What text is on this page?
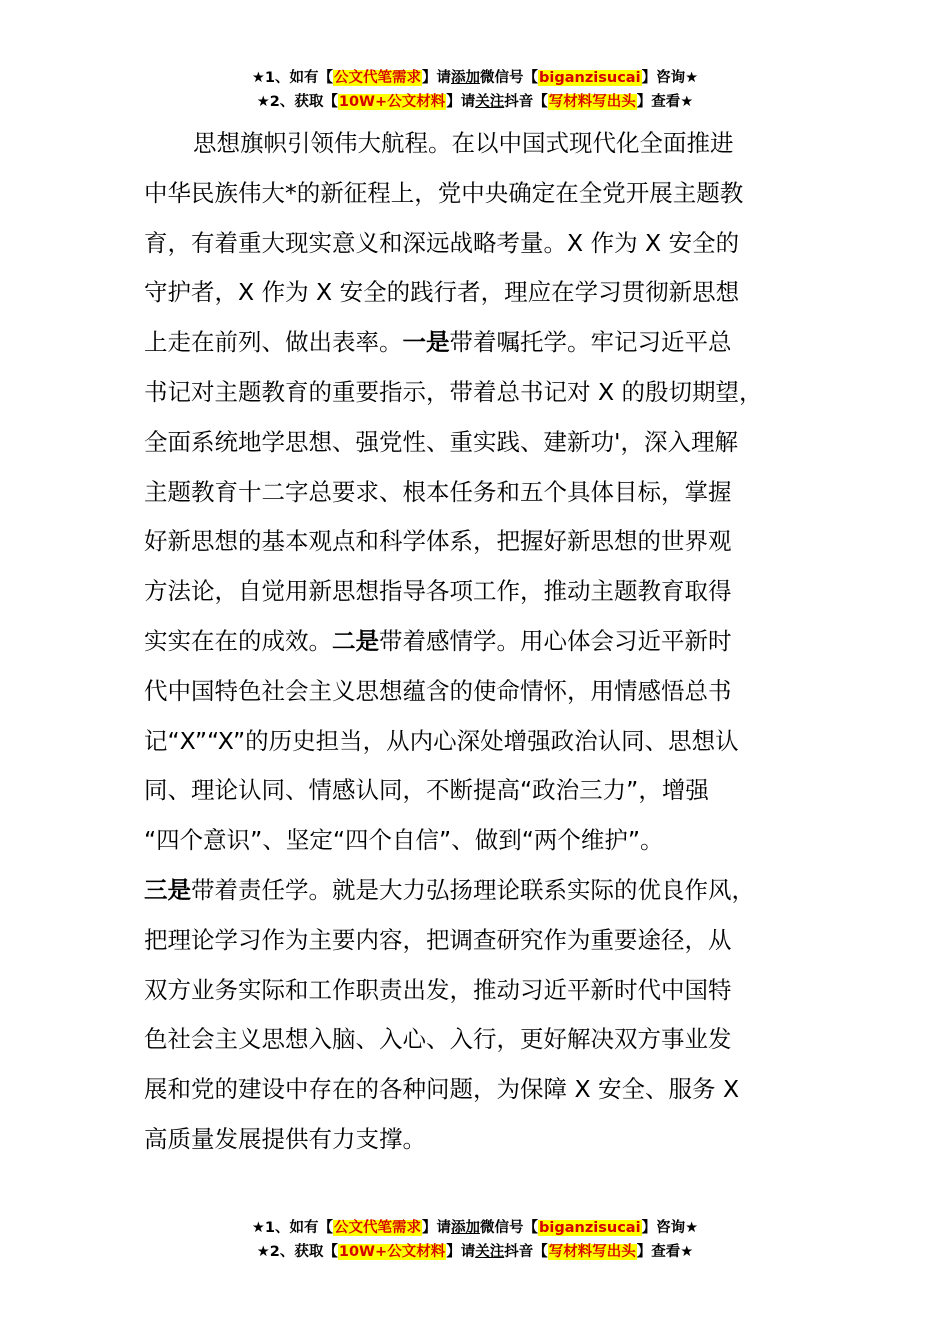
★1、如有【公文代笔需求】请添加微信号【biganzisucai】咨询★
★2、获取【10W+公文材料】请关注抖音【写材料写出头】查看★
思想旗帜引领伟大航程。在以中国式现代化全面推进
中华民族伟大*的新征程上，党中央确定在全党开展主题教
育，有着重大现实意义和深远战略考量。X 作为 X 安全的
守护者，X 作为 X 安全的践行者，理应在学习贯彻新思想
上走在前列、做出表率。一是带着嘱托学。牢记习近平总
书记对主题教育的重要指示，带着总书记对 X 的殷切期望，
全面系统地学思想、强党性、重实践、建新功'，深入理解
主题教育十二字总要求、根本任务和五个具体目标，掌握
好新思想的基本观点和科学体系，把握好新思想的世界观
方法论，自觉用新思想指导各项工作，推动主题教育取得
实实在在的成效。二是带着感情学。用心体会习近平新时
代中国特色社会主义思想蕴含的使命情怀，用情感悟总书
记“X”“X”的历史担当，从内心深处增强政治认同、思想认
同、理论认同、情感认同，不断提高“政治三力”，增强
“四个意识”、坚定“四个自信”、做到“两个维护”。
三是带着责任学。就是大力弘扬理论联系实际的优良作风，
把理论学习作为主要内容，把调查研究作为重要途径，从
双方业务实际和工作职责出发，推动习近平新时代中国特
色社会主义思想入脑、入心、入行，更好解决双方事业发
展和党的建设中存在的各种问题，为保障 X 安全、服务 X
高质量发展提供有力支撑。
★1、如有【公文代笔需求】请添加微信号【biganzisucai】咨询★
★2、获取【10W+公文材料】请关注抖音【写材料写出头】查看★
